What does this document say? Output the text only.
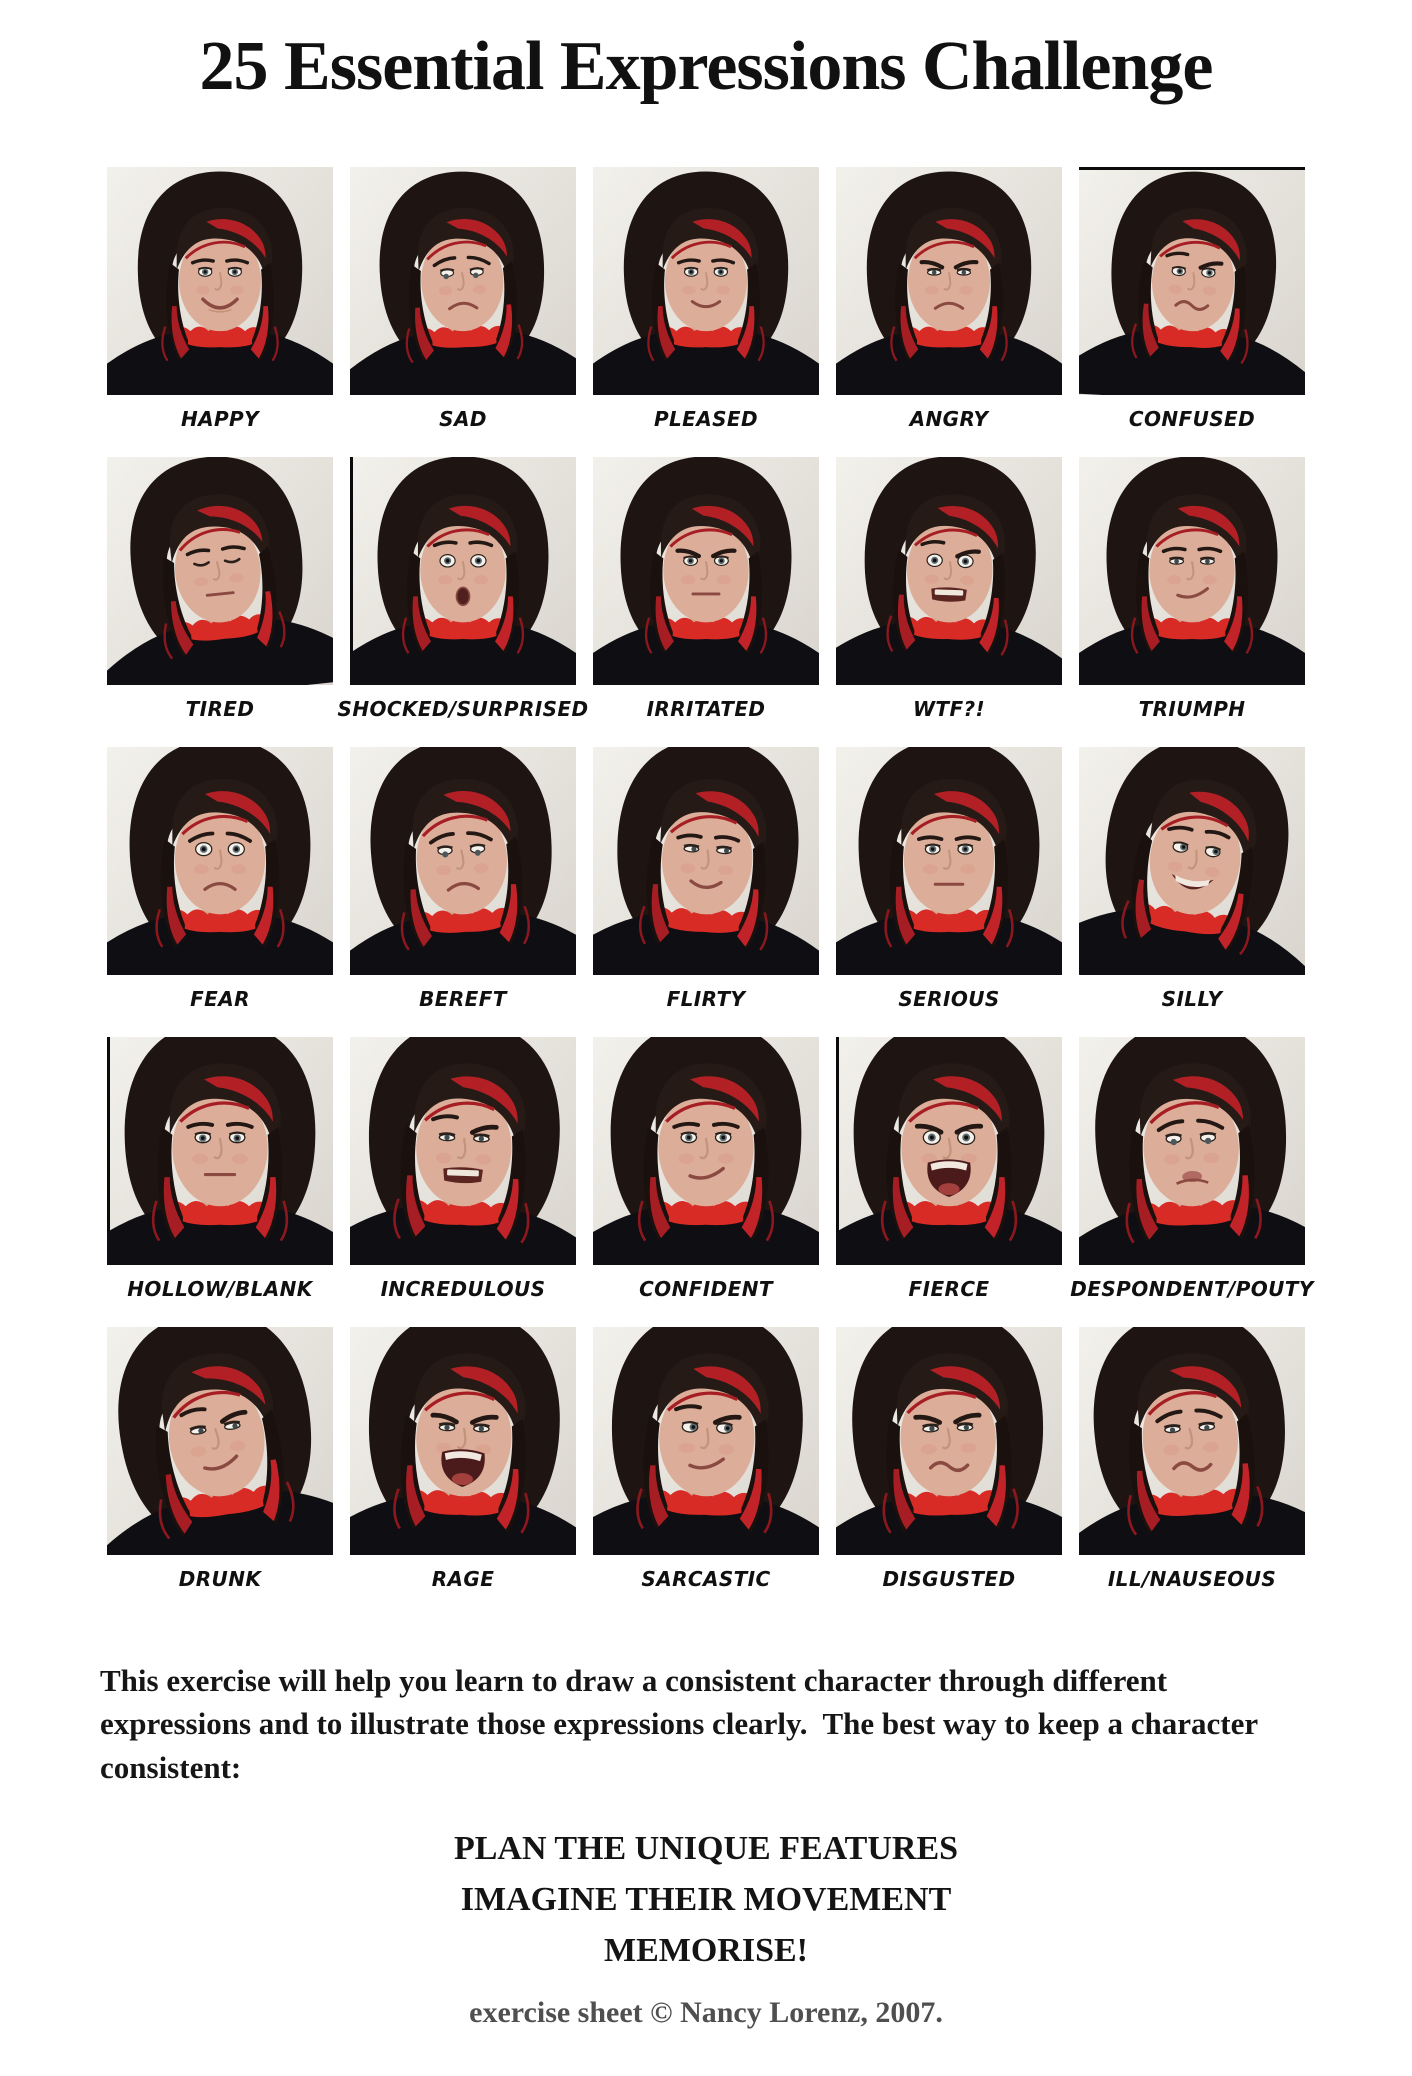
25 Essential Expressions Challenge
HAPPY	SAD	PLEASED	ANGRY	CONFUSED
TIRED	SHOCKED/SURPRISED	IRRITATED	WTF?!	TRIUMPH
FEAR	BEREFT	FLIRTY	SERIOUS	SILLY
HOLLOW/BLANK	INCREDULOUS	CONFIDENT	FIERCE	DESPONDENT/POUTY
DRUNK	RAGE	SARCASTIC	DISGUSTED	ILL/NAUSEOUS

This exercise will help you learn to draw a consistent character through different expressions and to illustrate those expressions clearly.  The best way to keep a character consistent:

PLAN THE UNIQUE FEATURES
IMAGINE THEIR MOVEMENT
MEMORISE!
exercise sheet © Nancy Lorenz, 2007.
